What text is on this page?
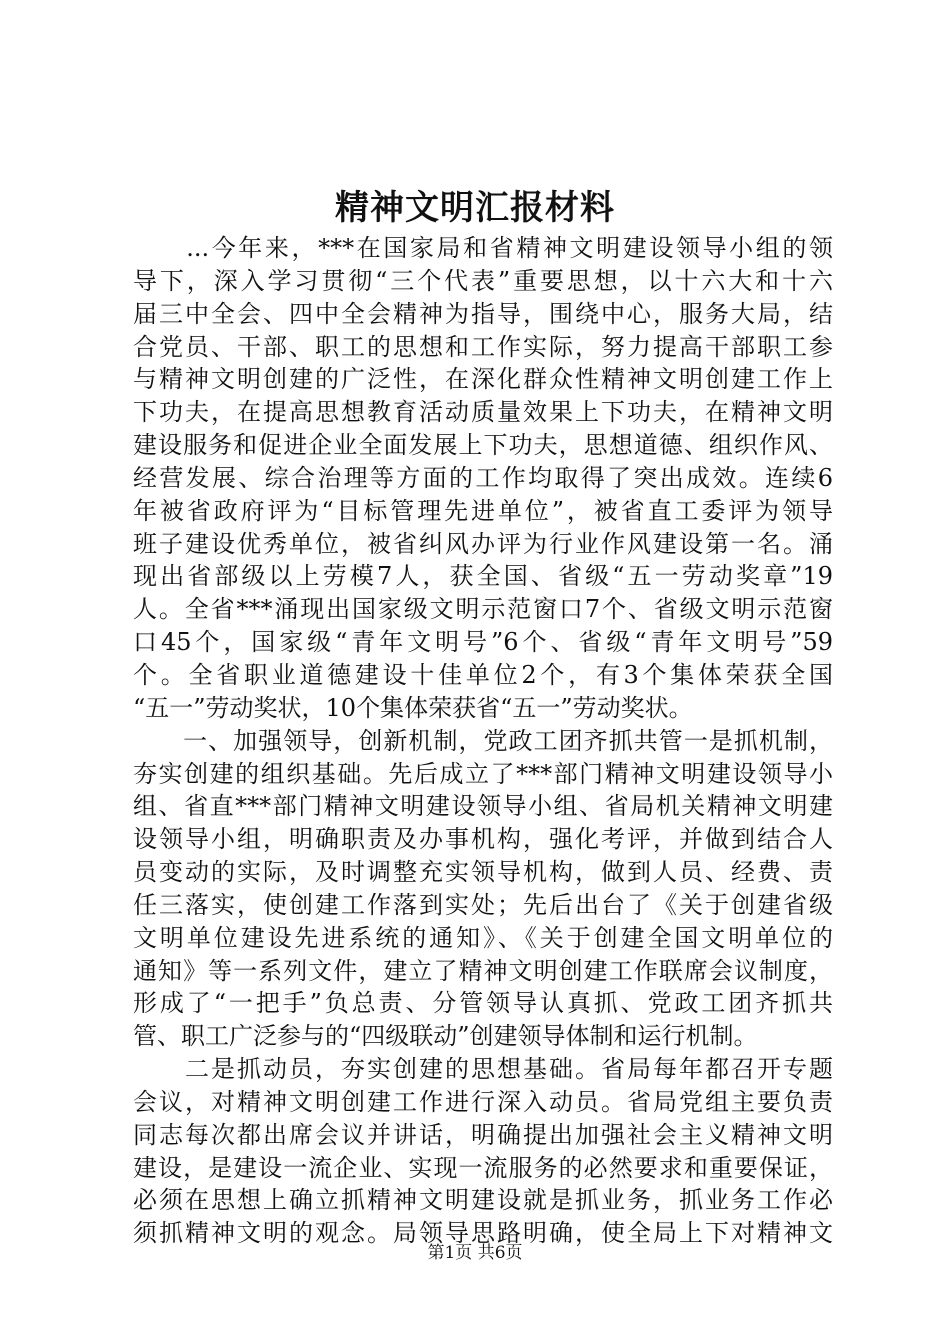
精神文明汇报材料
　　...今年来，***在国家局和省精神文明建设领导小组的领
导下，深入学习贯彻“三个代表”重要思想，以十六大和十六
届三中全会、四中全会精神为指导，围绕中心，服务大局，结
合党员、干部、职工的思想和工作实际，努力提高干部职工参
与精神文明创建的广泛性，在深化群众性精神文明创建工作上
下功夫，在提高思想教育活动质量效果上下功夫，在精神文明
建设服务和促进企业全面发展上下功夫，思想道德、组织作风、
经营发展、综合治理等方面的工作均取得了突出成效。连续6
年被省政府评为“目标管理先进单位”，被省直工委评为领导
班子建设优秀单位，被省纠风办评为行业作风建设第一名。涌
现出省部级以上劳模7人，获全国、省级“五一劳动奖章”19
人。全省***涌现出国家级文明示范窗口7个、省级文明示范窗
口45个，国家级“青年文明号”6个、省级“青年文明号”59
个。全省职业道德建设十佳单位2个，有3个集体荣获全国
“五一”劳动奖状，10个集体荣获省“五一”劳动奖状。
　　一、加强领导，创新机制，党政工团齐抓共管一是抓机制，
夯实创建的组织基础。先后成立了***部门精神文明建设领导小
组、省直***部门精神文明建设领导小组、省局机关精神文明建
设领导小组，明确职责及办事机构，强化考评，并做到结合人
员变动的实际，及时调整充实领导机构，做到人员、经费、责
任三落实，使创建工作落到实处；先后出台了《关于创建省级
文明单位建设先进系统的通知》、《关于创建全国文明单位的
通知》等一系列文件，建立了精神文明创建工作联席会议制度，
形成了“一把手”负总责、分管领导认真抓、党政工团齐抓共
管、职工广泛参与的“四级联动”创建领导体制和运行机制。
　　二是抓动员，夯实创建的思想基础。省局每年都召开专题
会议，对精神文明创建工作进行深入动员。省局党组主要负责
同志每次都出席会议并讲话，明确提出加强社会主义精神文明
建设，是建设一流企业、实现一流服务的必然要求和重要保证，
必须在思想上确立抓精神文明建设就是抓业务，抓业务工作必
须抓精神文明的观念。局领导思路明确，使全局上下对精神文
第1页 共6页
